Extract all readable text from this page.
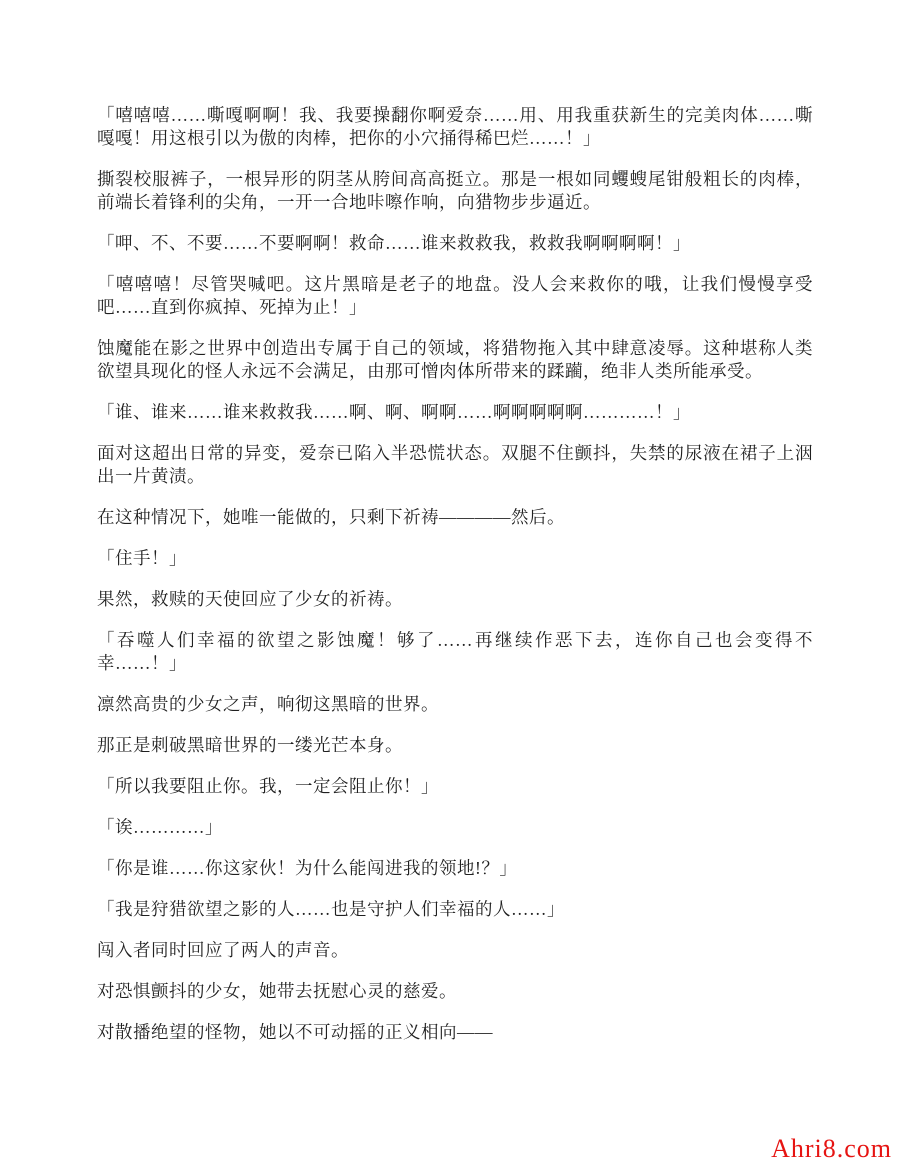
「嘻嘻嘻……嘶嘎啊啊！我、我要操翻你啊爱奈……用、用我重获新生的完美肉体……嘶嘎嘎！用这根引以为傲的肉棒，把你的小穴捅得稀巴烂……！」

撕裂校服裤子，一根异形的阴茎从胯间高高挺立。那是一根如同蠼螋尾钳般粗长的肉棒，前端长着锋利的尖角，一开一合地咔嚓作响，向猎物步步逼近。

「呷、不、不要……不要啊啊！救命……谁来救救我，救救我啊啊啊啊！」

「嘻嘻嘻！尽管哭喊吧。这片黑暗是老子的地盘。没人会来救你的哦，让我们慢慢享受吧……直到你疯掉、死掉为止！」

蚀魔能在影之世界中创造出专属于自己的领域，将猎物拖入其中肆意凌辱。这种堪称人类欲望具现化的怪人永远不会满足，由那可憎肉体所带来的蹂躏，绝非人类所能承受。

「谁、谁来……谁来救救我……啊、啊、啊啊……啊啊啊啊啊…………！」

面对这超出日常的异变，爱奈已陷入半恐慌状态。双腿不住颤抖，失禁的尿液在裙子上洇出一片黄渍。

在这种情况下，她唯一能做的，只剩下祈祷————然后。

「住手！」

果然，救赎的天使回应了少女的祈祷。

「吞噬人们幸福的欲望之影蚀魔！够了……再继续作恶下去，连你自己也会变得不幸……！」

凛然高贵的少女之声，响彻这黑暗的世界。

那正是刺破黑暗世界的一缕光芒本身。

「所以我要阻止你。我，一定会阻止你！」

「诶…………」

「你是谁……你这家伙！为什么能闯进我的领地!？」

「我是狩猎欲望之影的人……也是守护人们幸福的人……」

闯入者同时回应了两人的声音。

对恐惧颤抖的少女，她带去抚慰心灵的慈爱。

对散播绝望的怪物，她以不可动摇的正义相向——

Ahri8.com
